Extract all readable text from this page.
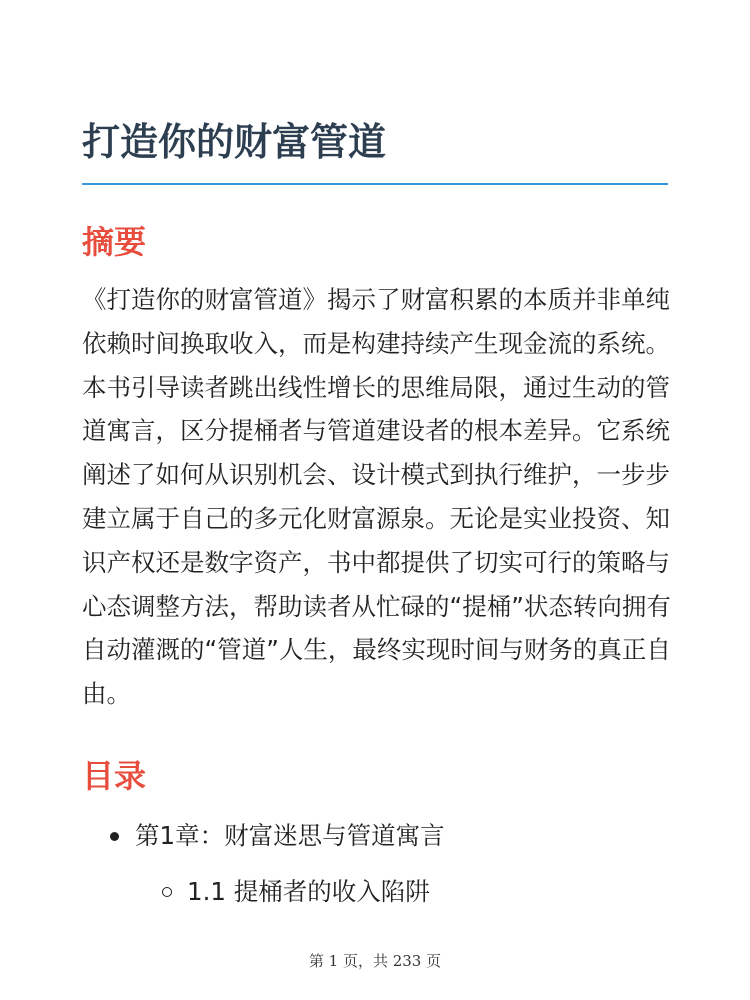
打造你的财富管道
摘要

《打造你的财富管道》揭示了财富积累的本质并非单纯依赖时间换取收入，而是构建持续产生现金流的系统。本书引导读者跳出线性增长的思维局限，通过生动的管道寓言，区分提桶者与管道建设者的根本差异。它系统阐述了如何从识别机会、设计模式到执行维护，一步步建立属于自己的多元化财富源泉。无论是实业投资、知识产权还是数字资产，书中都提供了切实可行的策略与心态调整方法，帮助读者从忙碌的“提桶”状态转向拥有自动灌溉的“管道”人生，最终实现时间与财务的真正自由。

目录
第1章：财富迷思与管道寓言
1.1 提桶者的收入陷阱
第 1 页，共 233 页
